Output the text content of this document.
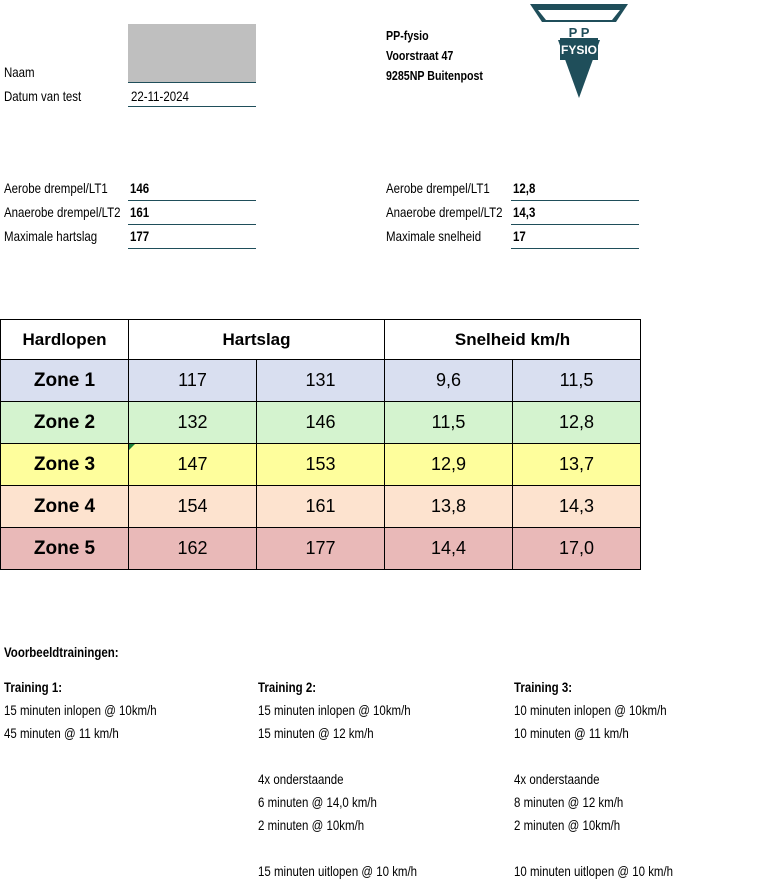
Naam
Datum van test	22-11-2024
PP-fysio
Voorstraat 47
9285NP Buitenpost
P P
FYSIO
Aerobe drempel/LT1	146
Anaerobe drempel/LT2 161
Maximale hartslag	177
Aerobe drempel/LT1	12,8
Anaerobe drempel/LT2 14,3
Maximale snelheid	17
Hardlopen	Hartslag		Snelheid km/h	
Zone 1	117	131	9,6	11,5
Zone 2	132	146	11,5	12,8
Zone 3	147	153	12,9	13,7
Zone 4	154	161	13,8	14,3
Zone 5	162	177	14,4	17,0
Voorbeeldtrainingen:
Training 1:
15 minuten inlopen @ 10km/h
45 minuten @ 11 km/h
Training 2:
15 minuten inlopen @ 10km/h
15 minuten @ 12 km/h
4x onderstaande
6 minuten @ 14,0 km/h
2 minuten @ 10km/h
15 minuten uitlopen @ 10 km/h
Training 3:
10 minuten inlopen @ 10km/h
10 minuten @ 11 km/h
4x onderstaande
8 minuten @ 12 km/h
2 minuten @ 10km/h
10 minuten uitlopen @ 10 km/h
